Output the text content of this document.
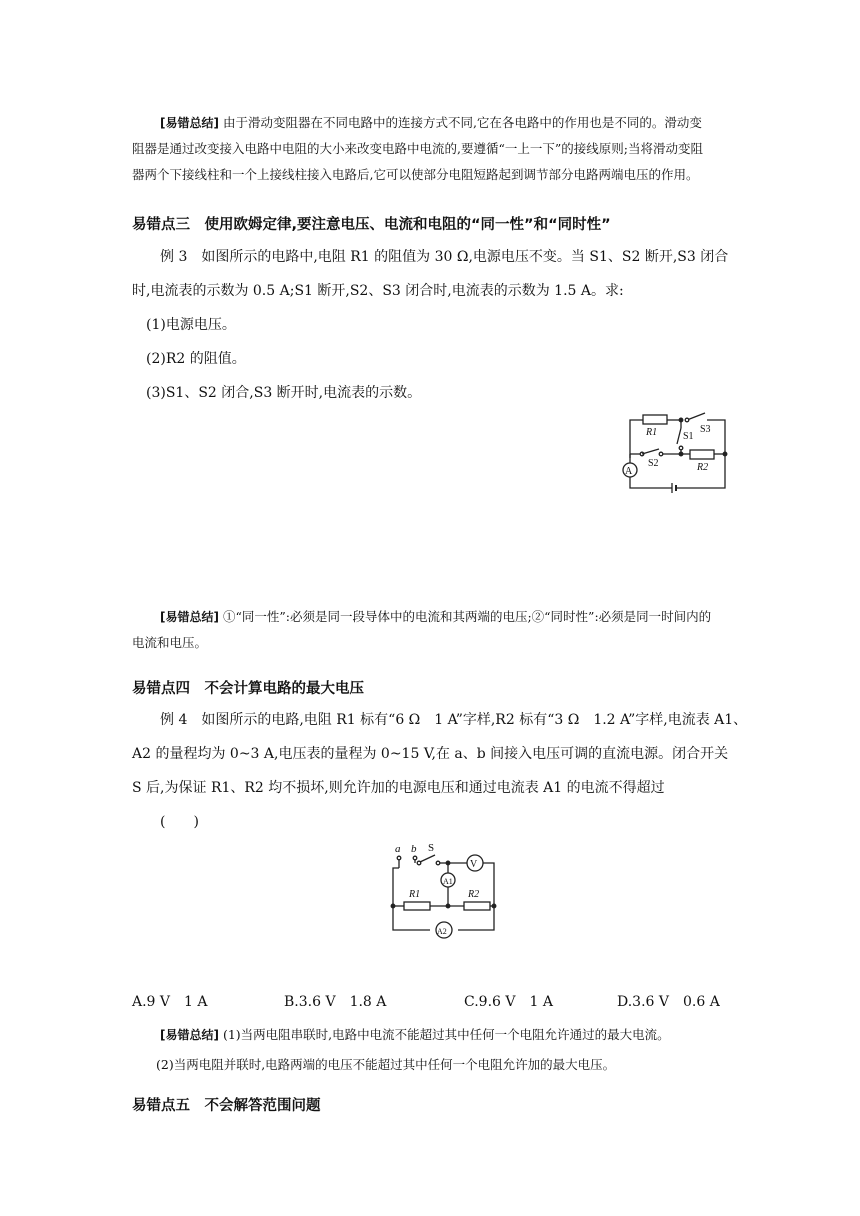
[易错总结] 由于滑动变阻器在不同电路中的连接方式不同,它在各电路中的作用也是不同的。滑动变
阻器是通过改变接入电路中电阻的大小来改变电路中电流的,要遵循“一上一下”的接线原则;当将滑动变阻
器两个下接线柱和一个上接线柱接入电路后,它可以使部分电阻短路起到调节部分电路两端电压的作用。
易错点三　使用欧姆定律,要注意电压、电流和电阻的“同一性”和“同时性”
例 3　如图所示的电路中,电阻 R1 的阻值为 30 Ω,电源电压不变。当 S1、S2 断开,S3 闭合
时,电流表的示数为 0.5 A;S1 断开,S2、S3 闭合时,电流表的示数为 1.5 A。求:
(1)电源电压。
(2)R2 的阻值。
(3)S1、S2 闭合,S3 断开时,电流表的示数。
A
R1
R2
S1
S2
S3
[易错总结] ①“同一性”:必须是同一段导体中的电流和其两端的电压;②“同时性”:必须是同一时间内的
电流和电压。
易错点四　不会计算电路的最大电压
例 4　如图所示的电路,电阻 R1 标有“6 Ω　1 A”字样,R2 标有“3 Ω　1.2 A”字样,电流表 A1、
A2 的量程均为 0~3 A,电压表的量程为 0~15 V,在 a、b 间接入电压可调的直流电源。闭合开关
S 后,为保证 R1、R2 均不损坏,则允许加的电源电压和通过电流表 A1 的电流不得超过
(　　)
a b S
V
A1
A2
R1	R2
A.9 V　1 A	B.3.6 V　1.8 A	C.9.6 V　1 A	D.3.6 V　0.6 A
[易错总结] (1)当两电阻串联时,电路中电流不能超过其中任何一个电阻允许通过的最大电流。
(2)当两电阻并联时,电路两端的电压不能超过其中任何一个电阻允许加的最大电压。
易错点五　不会解答范围问题
